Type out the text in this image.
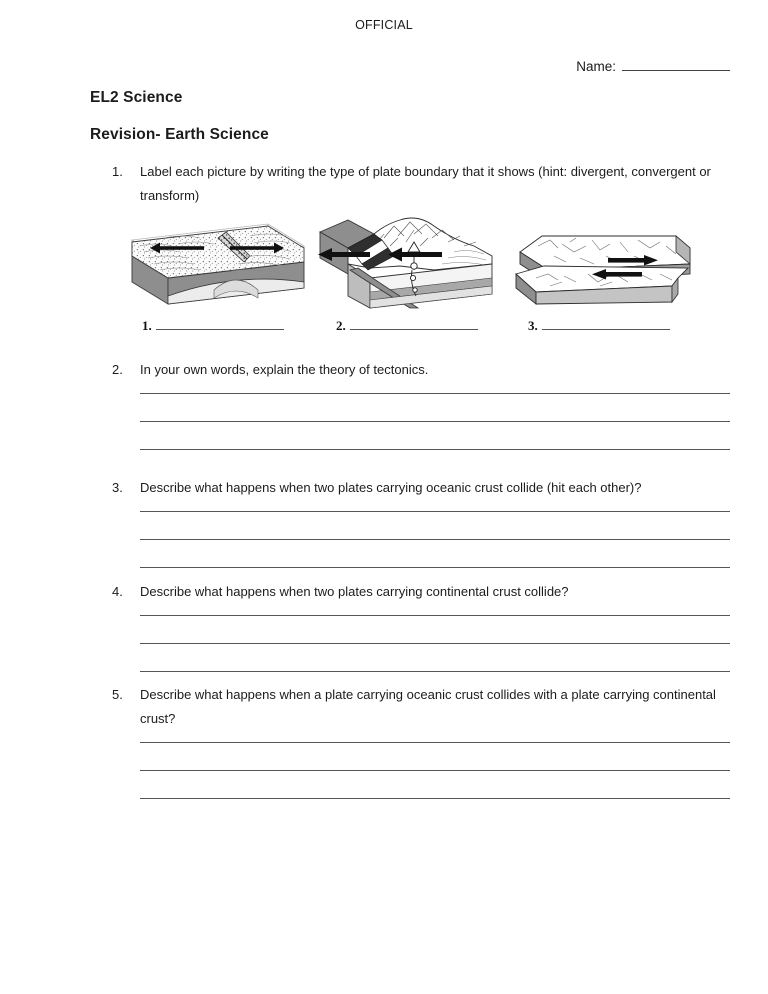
OFFICIAL
Name:
EL2 Science
Revision- Earth Science
1.	Label each picture by writing the type of plate boundary that it shows (hint: divergent, convergent or transform)
1.	2.	3.
2.	In your own words, explain the theory of tectonics.
3.	Describe what happens when two plates carrying oceanic crust collide (hit each other)?
4.	Describe what happens when two plates carrying continental crust collide?
5.	Describe what happens when a plate carrying oceanic crust collides with a plate carrying continental crust?
